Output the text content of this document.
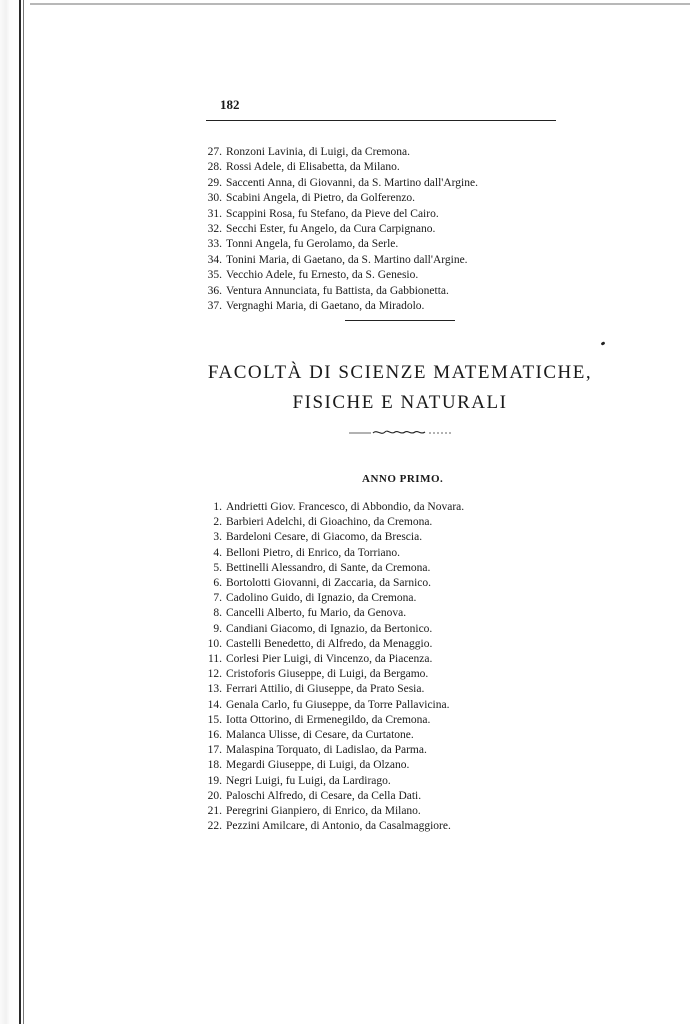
182
27. Ronzoni Lavinia, di Luigi, da Cremona.
28. Rossi Adele, di Elisabetta, da Milano.
29. Saccenti Anna, di Giovanni, da S. Martino dall'Argine.
30. Scabini Angela, di Pietro, da Golferenzo.
31. Scappini Rosa, fu Stefano, da Pieve del Cairo.
32. Secchi Ester, fu Angelo, da Cura Carpignano.
33. Tonni Angela, fu Gerolamo, da Serle.
34. Tonini Maria, di Gaetano, da S. Martino dall'Argine.
35. Vecchio Adele, fu Ernesto, da S. Genesio.
36. Ventura Annunciata, fu Battista, da Gabbionetta.
37. Vergnaghi Maria, di Gaetano, da Miradolo.
FACOLTÀ DI SCIENZE MATEMATICHE,
FISICHE E NATURALI
ANNO PRIMO.
1. Andrietti Giov. Francesco, di Abbondio, da Novara.
2. Barbieri Adelchi, di Gioachino, da Cremona.
3. Bardeloni Cesare, di Giacomo, da Brescia.
4. Belloni Pietro, di Enrico, da Torriano.
5. Bettinelli Alessandro, di Sante, da Cremona.
6. Bortolotti Giovanni, di Zaccaria, da Sarnico.
7. Cadolino Guido, di Ignazio, da Cremona.
8. Cancelli Alberto, fu Mario, da Genova.
9. Candiani Giacomo, di Ignazio, da Bertonico.
10. Castelli Benedetto, di Alfredo, da Menaggio.
11. Corlesi Pier Luigi, di Vincenzo, da Piacenza.
12. Cristoforis Giuseppe, di Luigi, da Bergamo.
13. Ferrari Attilio, di Giuseppe, da Prato Sesia.
14. Genala Carlo, fu Giuseppe, da Torre Pallavicina.
15. Iotta Ottorino, di Ermenegildo, da Cremona.
16. Malanca Ulisse, di Cesare, da Curtatone.
17. Malaspina Torquato, di Ladislao, da Parma.
18. Megardi Giuseppe, di Luigi, da Olzano.
19. Negri Luigi, fu Luigi, da Lardirago.
20. Paloschi Alfredo, di Cesare, da Cella Dati.
21. Peregrini Gianpiero, di Enrico, da Milano.
22. Pezzini Amilcare, di Antonio, da Casalmaggiore.
